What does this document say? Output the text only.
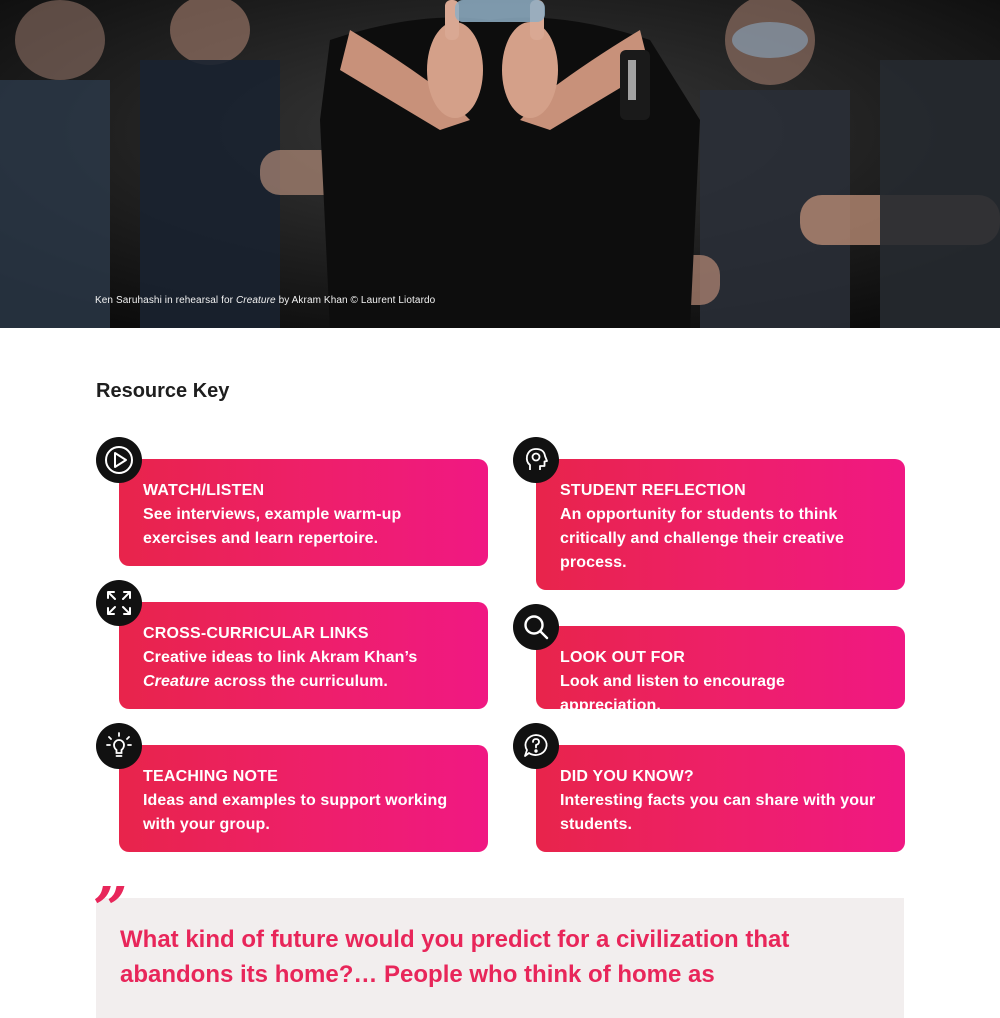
Ken Saruhashi in rehearsal for Creature by Akram Khan © Laurent Liotardo
Resource Key
WATCH/LISTEN
See interviews, example warm-up exercises and learn repertoire.
CROSS-CURRICULAR LINKS
Creative ideas to link Akram Khan’s Creature across the curriculum.
TEACHING NOTE
Ideas and examples to support working with your group.
STUDENT REFLECTION
An opportunity for students to think critically and challenge their creative process.
LOOK OUT FOR
Look and listen to encourage appreciation.
DID YOU KNOW?
Interesting facts you can share with your students.
”
What kind of future would you predict for a civilization that abandons its home?… People who think of home as
